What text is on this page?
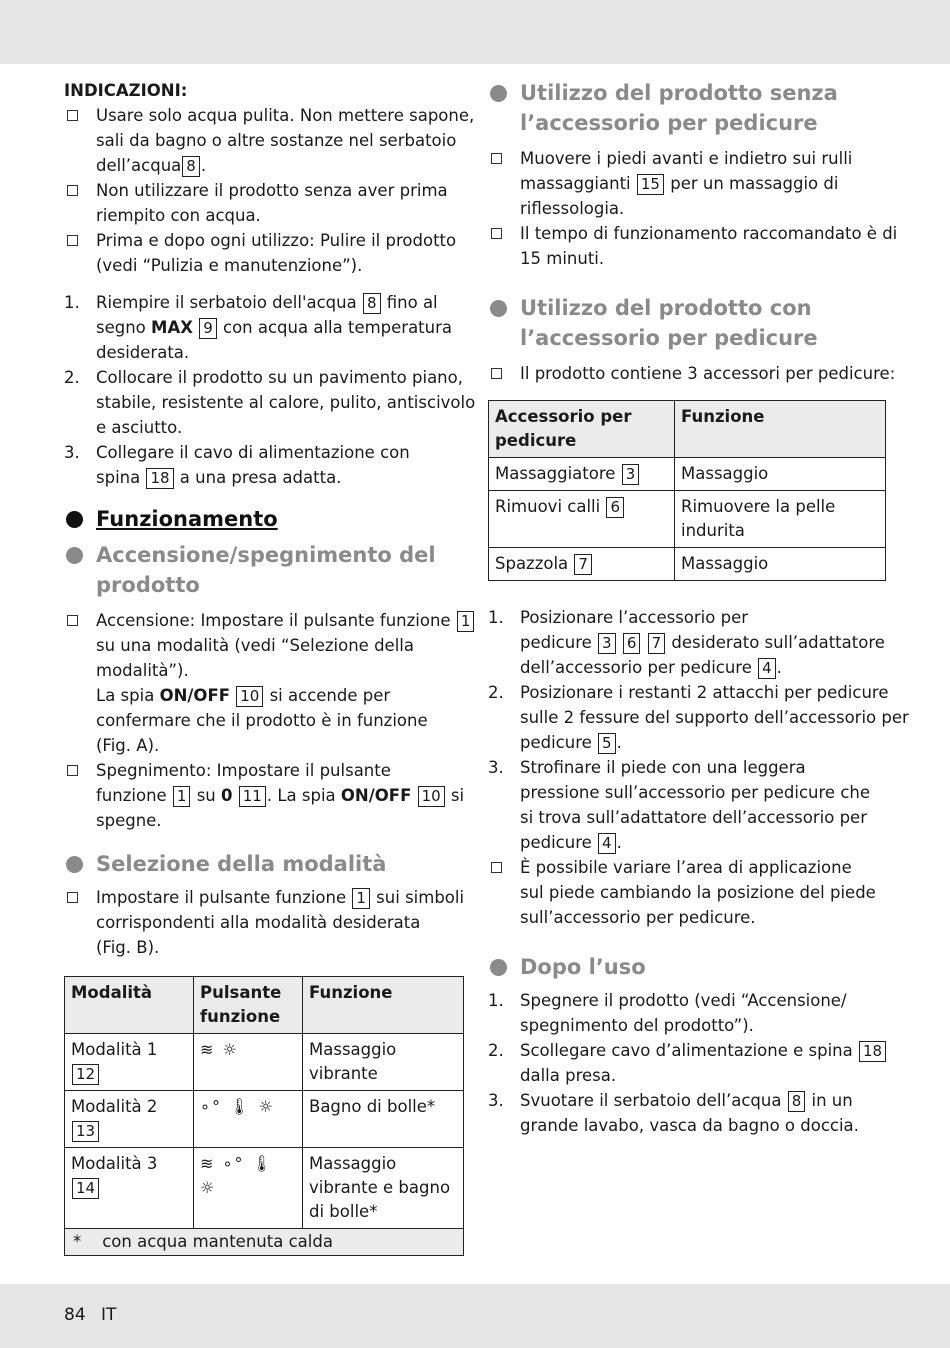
INDICAZIONI:
Usare solo acqua pulita. Non mettere sapone,
sali da bagno o altre sostanze nel serbatoio
dell’acqua 8 .
Non utilizzare il prodotto senza aver prima
riempito con acqua.
Prima e dopo ogni utilizzo: Pulire il prodotto
(vedi “Pulizia e manutenzione”).
1. Riempire il serbatoio dell'acqua 8 fino al
segno MAX 9 con acqua alla temperatura
desiderata.
2. Collocare il prodotto su un pavimento piano,
stabile, resistente al calore, pulito, antiscivolo
e asciutto.
3. Collegare il cavo di alimentazione con
spina 18 a una presa adatta.
Funzionamento
Accensione/spegnimento del
prodotto
Accensione: Impostare il pulsante funzione 1
su una modalità (vedi “Selezione della
modalità”).
La spia ON/OFF 10 si accende per
confermare che il prodotto è in funzione
(Fig. A).
Spegnimento: Impostare il pulsante
funzione 1 su 0 11 . La spia ON/OFF 10 si
spegne.
Selezione della modalità
Impostare il pulsante funzione 1 sui simboli
corrispondenti alla modalità desiderata
(Fig. B).
Modalità	Pulsante funzione	Funzione
Modalità 1 12	≋ ☼	Massaggio
vibrante
Modalità 2 13	∘° 🌡 ☼	Bagno di bolle*
Modalità 3 14	≋ ∘° 🌡 ☼	Massaggio
vibrante e bagno
di bolle*
* con acqua mantenuta calda		
Utilizzo del prodotto senza
l’accessorio per pedicure
Muovere i piedi avanti e indietro sui rulli
massaggianti 15 per un massaggio di
riflessologia.
Il tempo di funzionamento raccomandato è di
15 minuti.
Utilizzo del prodotto con
l’accessorio per pedicure
Il prodotto contiene 3 accessori per pedicure:
Accessorio per pedicure	Funzione
Massaggiatore 3	Massaggio
Rimuovi calli 6	Rimuovere la pelle
indurita
Spazzola 7	Massaggio
1. Posizionare l’accessorio per
pedicure 3 6 7 desiderato sull’adattatore
dell’accessorio per pedicure 4 .
2. Posizionare i restanti 2 attacchi per pedicure
sulle 2 fessure del supporto dell’accessorio per
pedicure 5 .
3. Strofinare il piede con una leggera
pressione sull’accessorio per pedicure che
si trova sull’adattatore dell’accessorio per
pedicure 4 .
È possibile variare l’area di applicazione
sul piede cambiando la posizione del piede
sull’accessorio per pedicure.
Dopo l’uso
1. Spegnere il prodotto (vedi “Accensione/
spegnimento del prodotto”).
2. Scollegare cavo d’alimentazione e spina 18
dalla presa.
3. Svuotare il serbatoio dell’acqua 8 in un
grande lavabo, vasca da bagno o doccia.
84 IT
